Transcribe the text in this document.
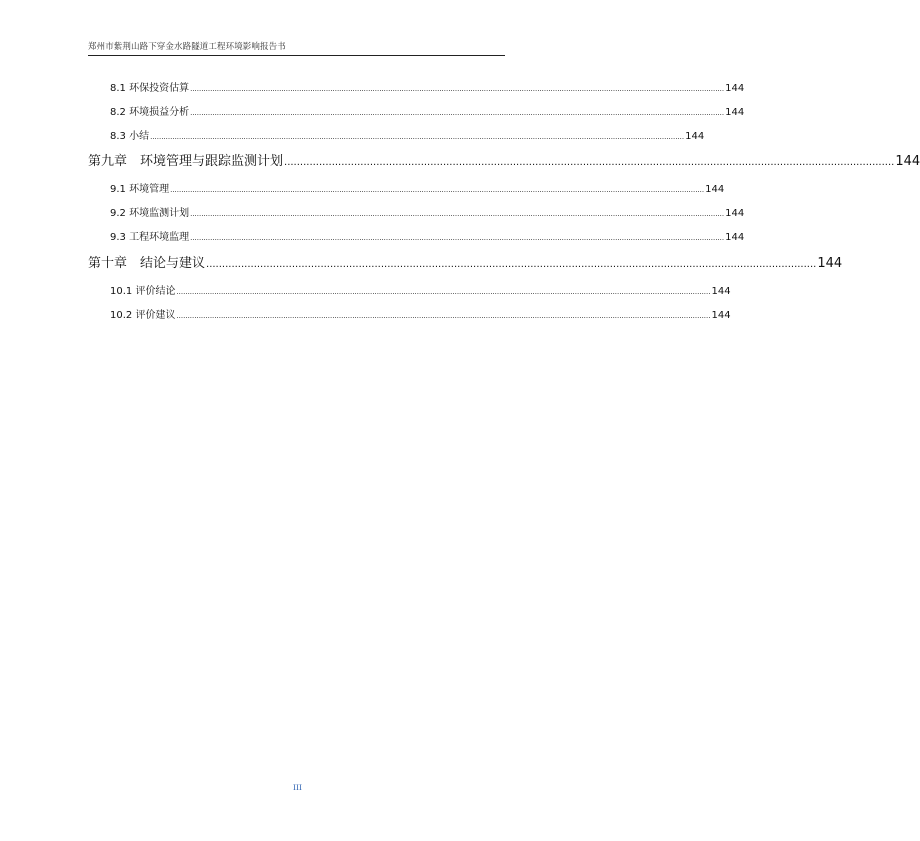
郑州市紫荆山路下穿金水路隧道工程环境影响报告书
8.1 环保投资估算 ................................................................................................................................................................................................................................................ 144
8.2 环境损益分析 ................................................................................................................................................................................................................................................ 144
8.3 小结 ................................................................................................................................................................................................................................................ 144
第九章　环境管理与跟踪监测计划 ................................................................................................................................................................................................ 144
9.1 环境管理 ................................................................................................................................................................................................................................................ 144
9.2 环境监测计划 ................................................................................................................................................................................................................................................ 144
9.3 工程环境监理 ................................................................................................................................................................................................................................................ 144
第十章　结论与建议 ................................................................................................................................................................................................ 144
10.1 评价结论 ................................................................................................................................................................................................................................................ 144
10.2 评价建议 ................................................................................................................................................................................................................................................ 144
III
